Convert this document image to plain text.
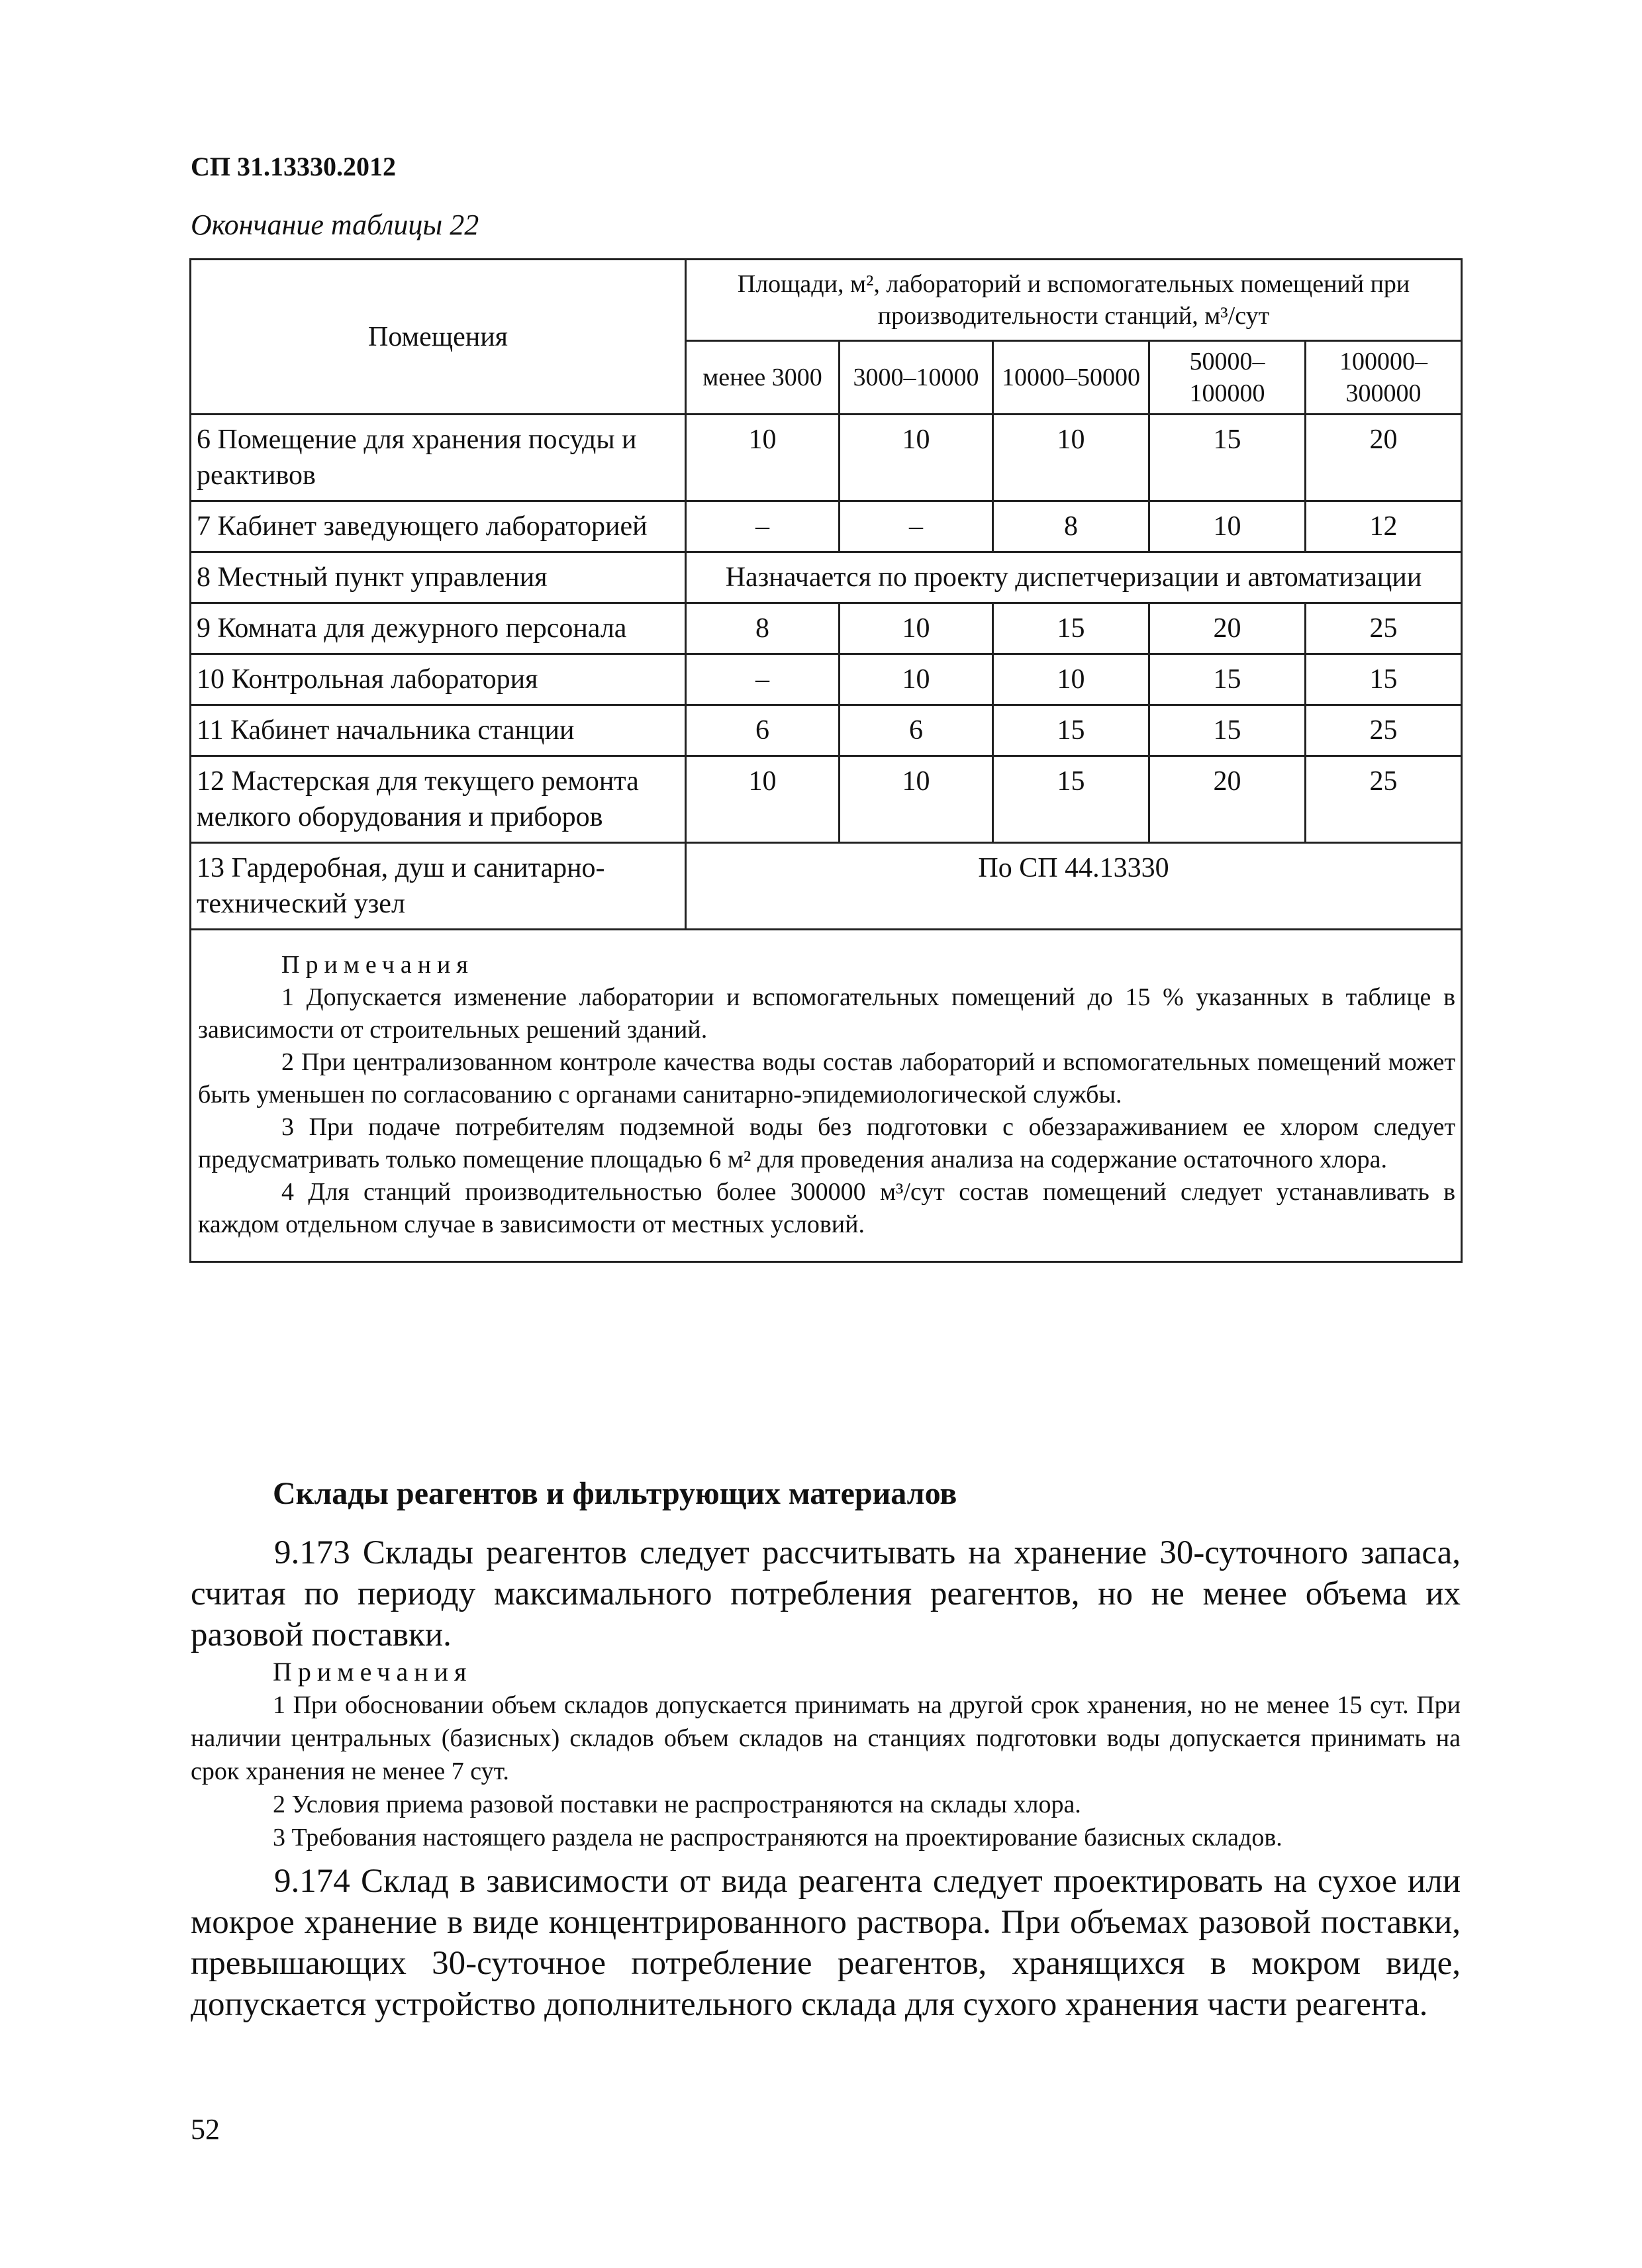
СП 31.13330.2012
Окончание таблицы 22
Помещения	Площади, м², лабораторий и вспомогательных помещений при производительности станций, м³/сут				
	менее 3000	3000–10000	10000–50000	50000–100000	100000–300000
6 Помещение для хранения посуды и реактивов	10	10	10	15	20
7 Кабинет заведующего лабораторией	–	–	8	10	12
8 Местный пункт управления	Назначается по проекту диспетчеризации и автоматизации				
9 Комната для дежурного персонала	8	10	15	20	25
10 Контрольная лаборатория	–	10	10	15	15
11 Кабинет начальника станции	6	6	15	15	25
12 Мастерская для текущего ремонта мелкого оборудования и приборов	10	10	15	20	25
13 Гардеробная, душ и санитарно-технический узел	По СП 44.13330				

Примечания

1 Допускается изменение лаборатории и вспомогательных помещений до 15 % указанных в таблице в зависимости от строительных решений зданий.

2 При централизованном контроле качества воды состав лабораторий и вспомогательных помещений может быть уменьшен по согласованию с органами санитарно-эпидемиологической службы.

3 При подаче потребителям подземной воды без подготовки с обеззараживанием ее хлором следует предусматривать только помещение площадью 6 м² для проведения анализа на содержание остаточного хлора.

4 Для станций производительностью более 300000 м³/сут состав помещений следует устанавливать в каждом отдельном случае в зависимости от местных условий.					

Склады реагентов и фильтрующих материалов

9.173 Склады реагентов следует рассчитывать на хранение 30-суточного запаса, считая по периоду максимального потребления реагентов, но не менее объема их разовой поставки.

Примечания

1 При обосновании объем складов допускается принимать на другой срок хранения, но не менее 15 сут. При наличии центральных (базисных) складов объем складов на станциях подготовки воды допускается принимать на срок хранения не менее 7 сут.

2 Условия приема разовой поставки не распространяются на склады хлора.

3 Требования настоящего раздела не распространяются на проектирование базисных складов.

9.174 Склад в зависимости от вида реагента следует проектировать на сухое или мокрое хранение в виде концентрированного раствора. При объемах разовой поставки, превышающих 30-суточное потребление реагентов, хранящихся в мокром виде, допускается устройство дополнительного склада для сухого хранения части реагента.

52
